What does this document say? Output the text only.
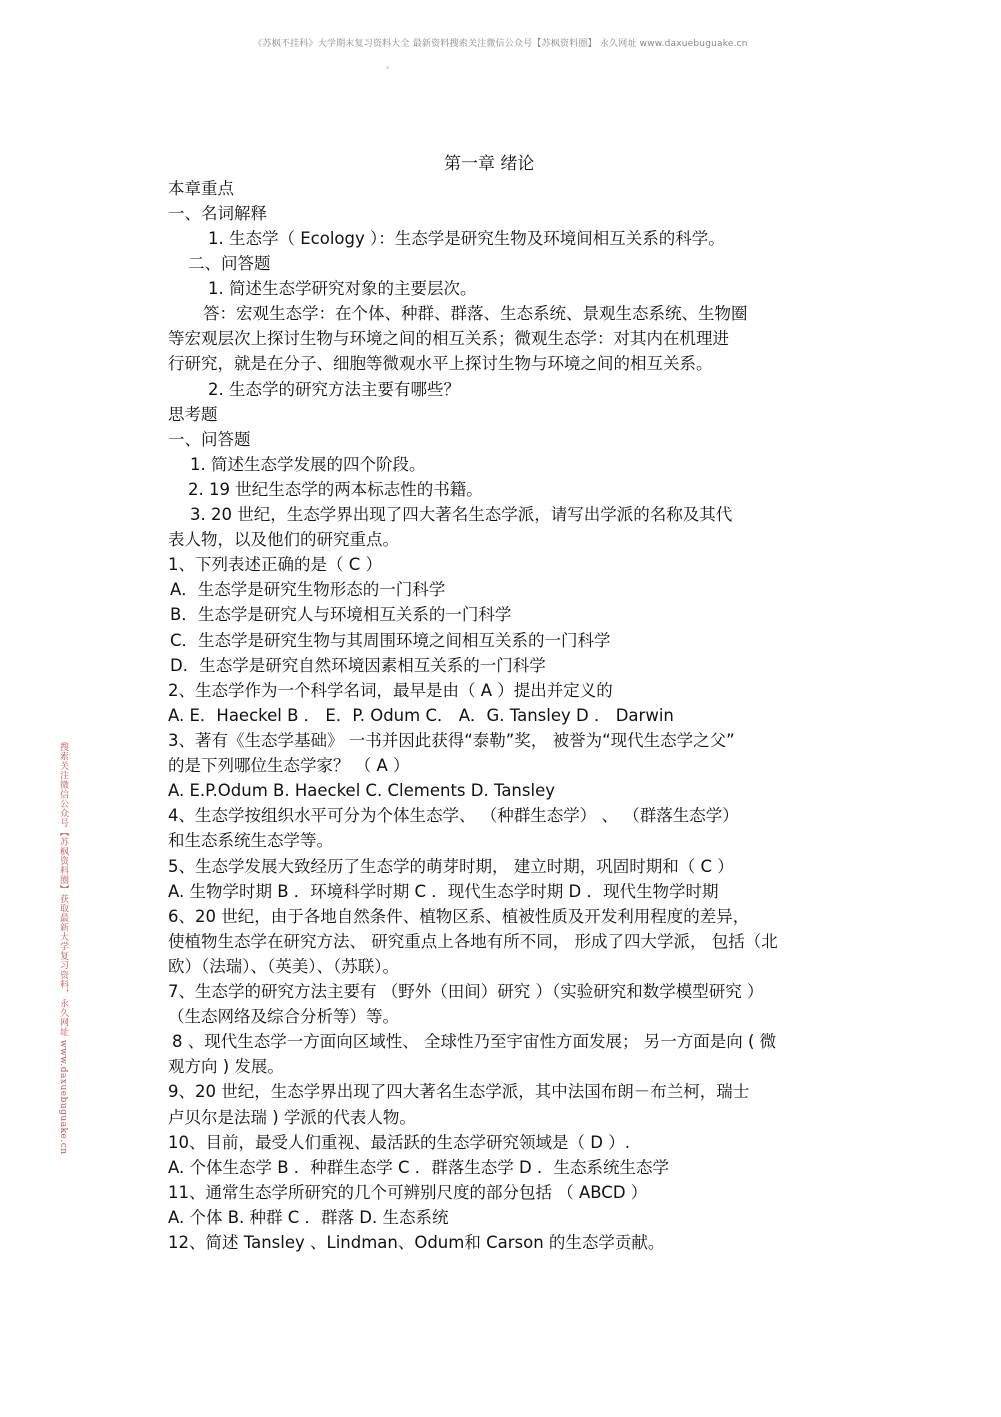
《苏枫不挂科》大学期末复习资料大全 最新资料搜索关注微信公众号【苏枫资料圈】 永久网址 www.daxuebuguake.cn
。
搜索关注微信公众号【苏枫资料圈】获取最新大学复习资料，永久网址 www.daxuebuguake.cn
第一章 绪论
本章重点
一、名词解释
1. 生态学（ Ecology ）：生态学是研究生物及环境间相互关系的科学。
二、问答题
1. 简述生态学研究对象的主要层次。
答：宏观生态学：在个体、种群、群落、生态系统、景观生态系统、生物圈
等宏观层次上探讨生物与环境之间的相互关系；微观生态学：对其内在机理进
行研究，就是在分子、细胞等微观水平上探讨生物与环境之间的相互关系。
2. 生态学的研究方法主要有哪些？
思考题
一、问答题
1. 简述生态学发展的四个阶段。
2. 19 世纪生态学的两本标志性的书籍。
3. 20 世纪，生态学界出现了四大著名生态学派，请写出学派的名称及其代
表人物，以及他们的研究重点。
1、下列表述正确的是（ C ）
A．生态学是研究生物形态的一门科学
B．生态学是研究人与环境相互关系的一门科学
C．生态学是研究生物与其周围环境之间相互关系的一门科学
D．生态学是研究自然环境因素相互关系的一门科学
2、生态学作为一个科学名词，最早是由（ A ）提出并定义的
A. E．Haeckel B ． E．P. Odum C． A．G. Tansley D ． Darwin
3、著有《生态学基础》 一书并因此获得“泰勒”奖， 被誉为“现代生态学之父”
的是下列哪位生态学家？ （ A ）
A. E.P.Odum B. Haeckel C. Clements D. Tansley
4、生态学按组织水平可分为个体生态学、 （种群生态学） 、 （群落生态学）
和生态系统生态学等。
5、生态学发展大致经历了生态学的萌芽时期， 建立时期，巩固时期和（ C ）
A. 生物学时期 B ．环境科学时期 C ．现代生态学时期 D ．现代生物学时期
6、20 世纪，由于各地自然条件、植物区系、植被性质及开发利用程度的差异，
使植物生态学在研究方法、 研究重点上各地有所不同， 形成了四大学派， 包括（北
欧）（法瑞）、（英美）、（苏联）。
7、生态学的研究方法主要有 （野外（田间）研究 ）（实验研究和数学模型研究 ）
（生态网络及综合分析等）等。
8 、现代生态学一方面向区域性、 全球性乃至宇宙性方面发展； 另一方面是向 ( 微
观方向 ) 发展。
9、20 世纪，生态学界出现了四大著名生态学派，其中法国布朗－布兰柯，瑞士
卢贝尔是法瑞 ) 学派的代表人物。
10、目前，最受人们重视、最活跃的生态学研究领域是（ D ）.
A. 个体生态学 B ．种群生态学 C ．群落生态学 D ．生态系统生态学
11、通常生态学所研究的几个可辨别尺度的部分包括 （ ABCD ）
A. 个体 B. 种群 C ．群落 D. 生态系统
12、简述 Tansley 、Lindman、Odum和 Carson 的生态学贡献。
